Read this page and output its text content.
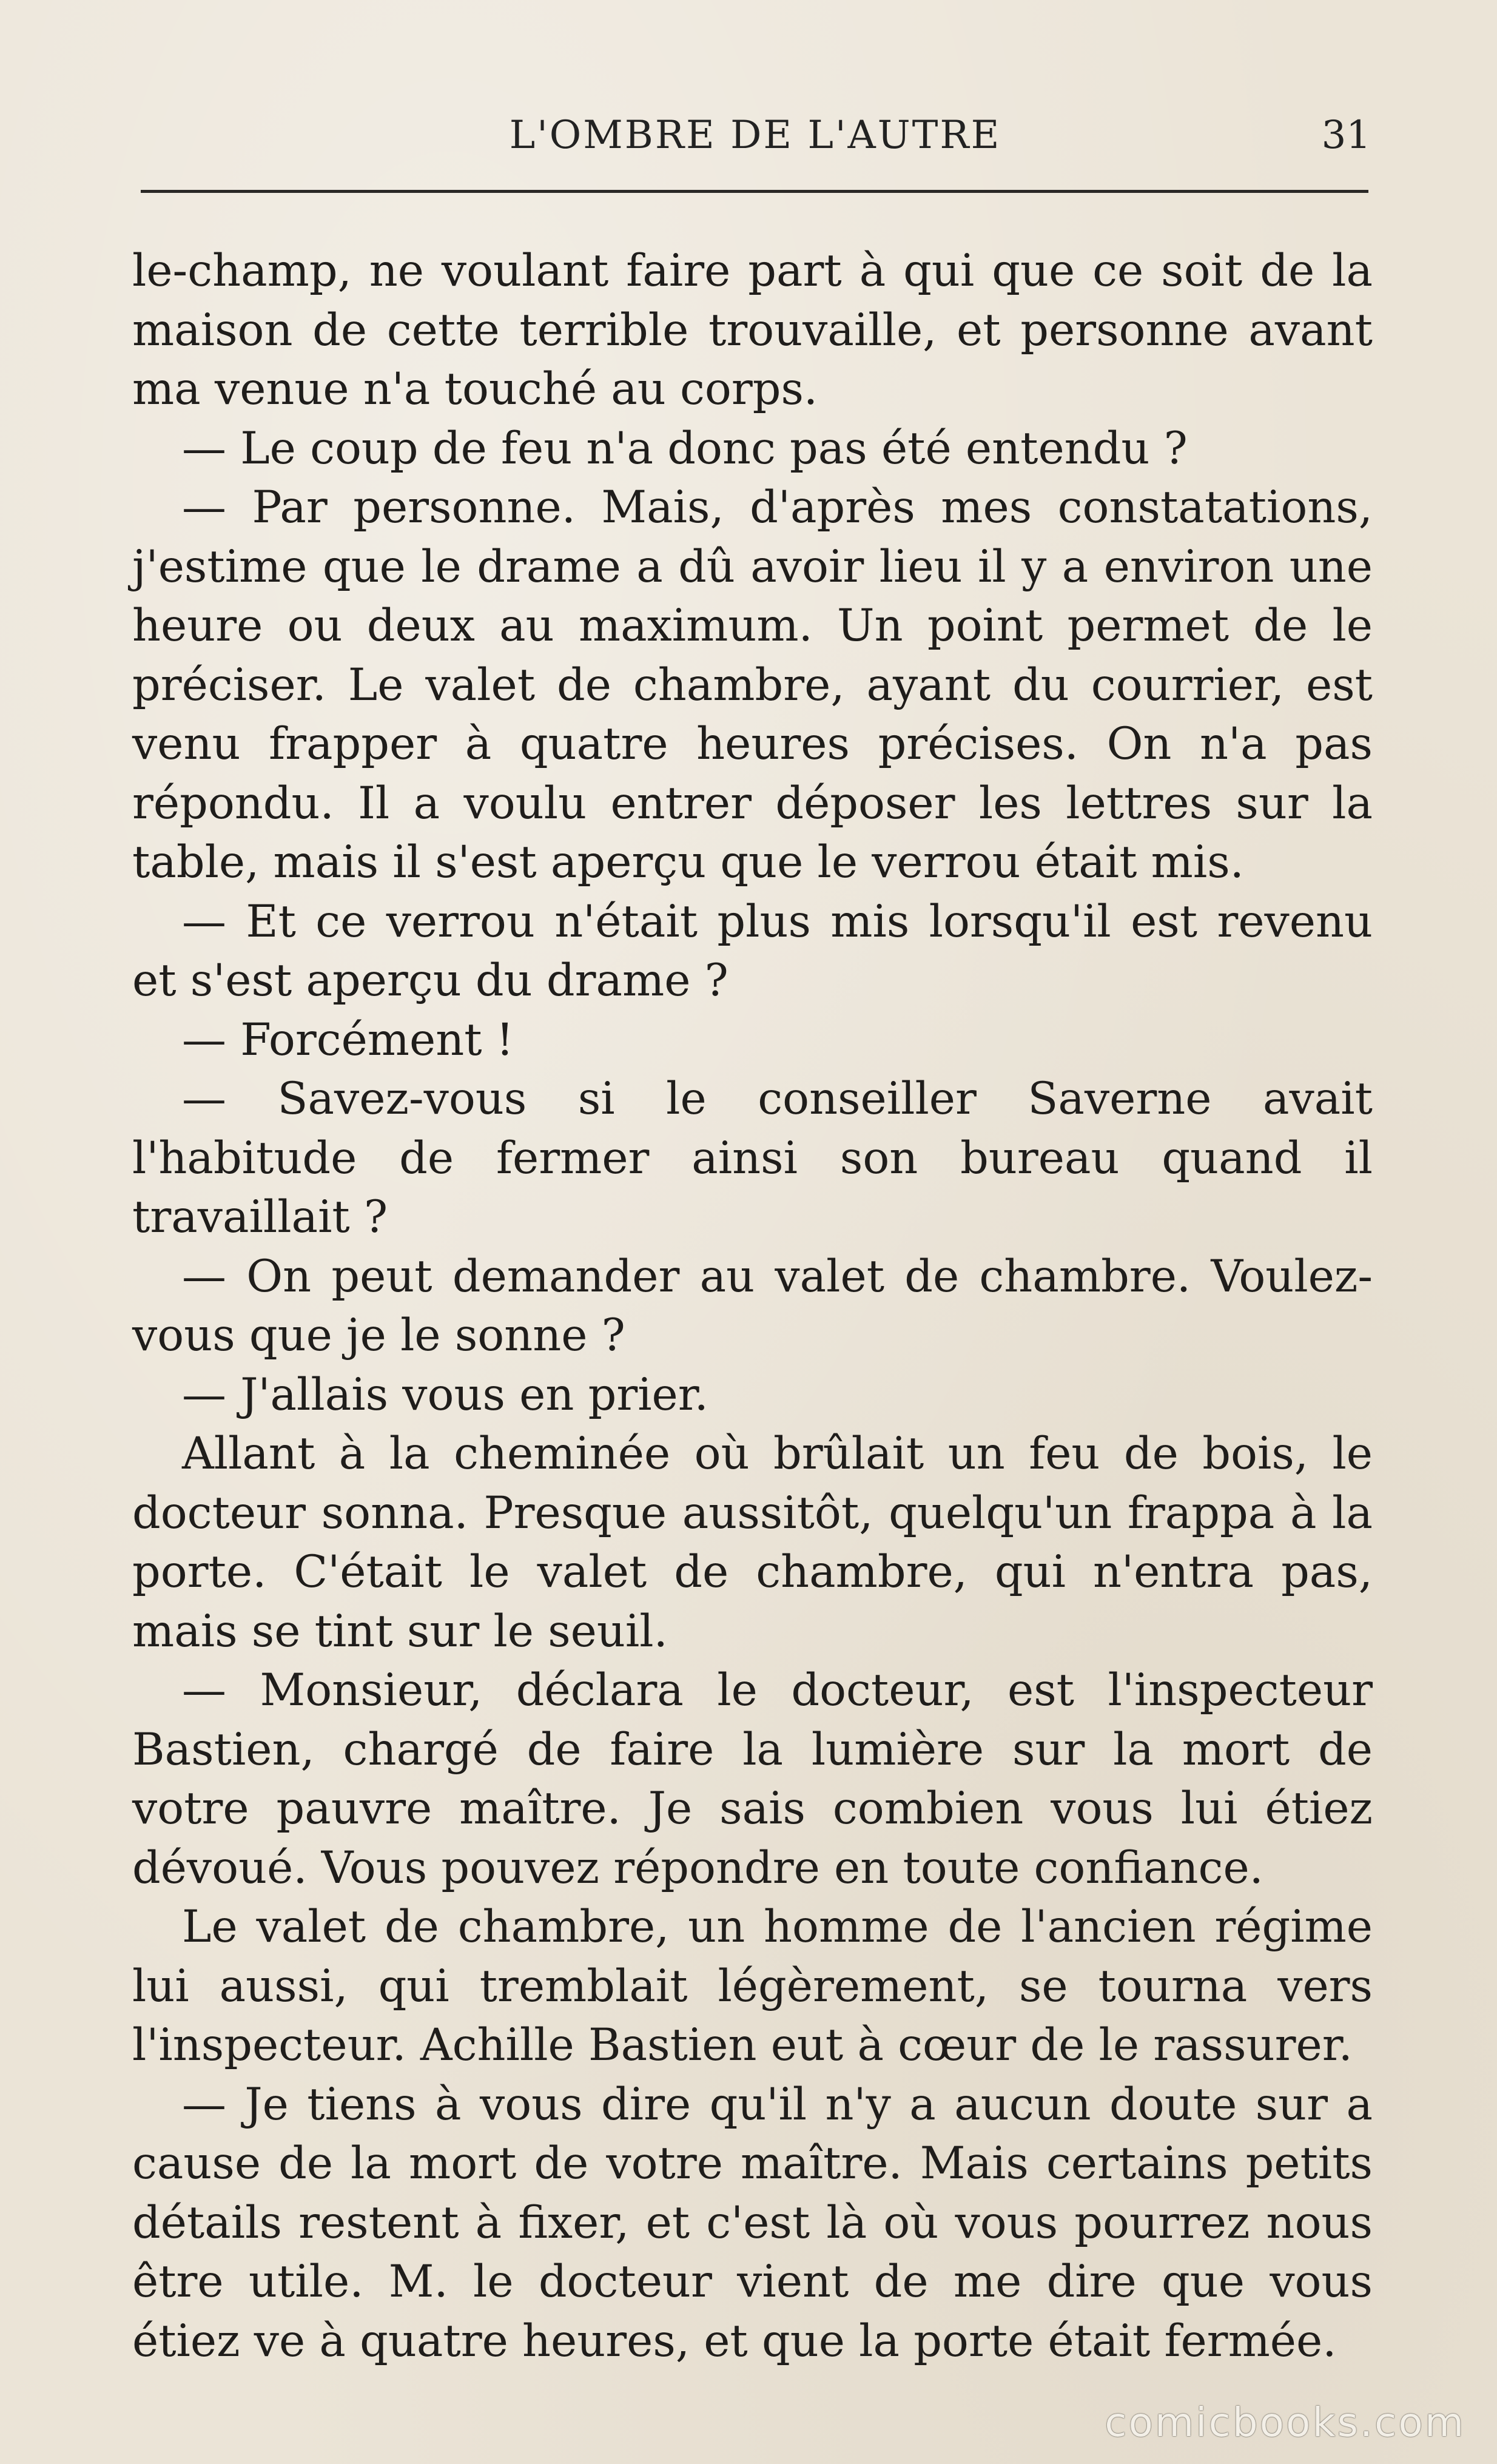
L'OMBRE DE L'AUTRE	31

le-champ, ne voulant faire part à qui que ce soit de la maison de cette terrible trouvaille, et personne avant ma venue n'a touché au corps.

— Le coup de feu n'a donc pas été entendu ?

— Par personne. Mais, d'après mes constatations, j'estime que le drame a dû avoir lieu il y a environ une heure ou deux au maximum. Un point permet de le préciser. Le valet de chambre, ayant du courrier, est venu frapper à quatre heures précises. On n'a pas répondu. Il a voulu entrer déposer les lettres sur la table, mais il s'est aperçu que le verrou était mis.

— Et ce verrou n'était plus mis lorsqu'il est revenu et s'est aperçu du drame ?

— Forcément !

— Savez-vous si le conseiller Saverne avait l'habitude de fermer ainsi son bureau quand il travaillait ?

— On peut demander au valet de chambre. Voulez-vous que je le sonne ?

— J'allais vous en prier.

Allant à la cheminée où brûlait un feu de bois, le docteur sonna. Presque aussitôt, quelqu'un frappa à la porte. C'était le valet de chambre, qui n'entra pas, mais se tint sur le seuil.

— Monsieur, déclara le docteur, est l'inspecteur Bastien, chargé de faire la lumière sur la mort de votre pauvre maître. Je sais combien vous lui étiez dévoué. Vous pouvez répondre en toute confiance.

Le valet de chambre, un homme de l'ancien régime lui aussi, qui tremblait légèrement, se tourna vers l'inspecteur. Achille Bastien eut à cœur de le rassurer.

— Je tiens à vous dire qu'il n'y a aucun doute sur a cause de la mort de votre maître. Mais certains petits détails restent à fixer, et c'est là où vous pourrez nous être utile. M. le docteur vient de me dire que vous étiez ve à quatre heures, et que la porte était fermée.

comicbooks.com
